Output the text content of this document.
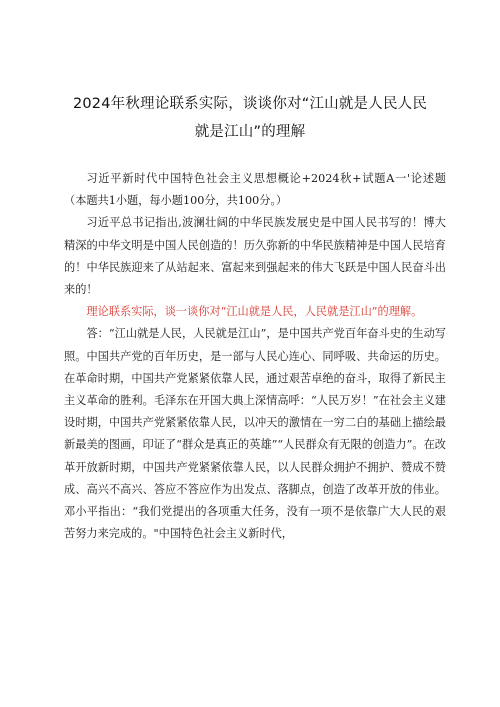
2024年秋理论联系实际，谈谈你对“江山就是人民人民
就是江山”的理解

习近平新时代中国特色社会主义思想概论+2024秋+试题A一'论述题（本题共1小题，每小题100分，共100分。）

习近平总书记指出,波澜壮阔的中华民族发展史是中国人民书写的！博大精深的中华文明是中国人民创造的！历久弥新的中华民族精神是中国人民培育的！中华民族迎来了从站起来、富起来到强起来的伟大飞跃是中国人民奋斗出来的！

理论联系实际，谈一谈你对“江山就是人民，人民就是江山”的理解。

答：“江山就是人民，人民就是江山”，是中国共产党百年奋斗史的生动写照。中国共产党的百年历史，是一部与人民心连心、同呼吸、共命运的历史。在革命时期，中国共产党紧紧依靠人民，通过艰苦卓绝的奋斗，取得了新民主主义革命的胜利。毛泽东在开国大典上深情高呼：“人民万岁！”在社会主义建设时期，中国共产党紧紧依靠人民，以冲天的激情在一穷二白的基础上描绘最新最美的图画，印证了“群众是真正的英雄”“人民群众有无限的创造力”。在改革开放新时期，中国共产党紧紧依靠人民，以人民群众拥护不拥护、赞成不赞成、高兴不高兴、答应不答应作为出发点、落脚点，创造了改革开放的伟业。邓小平指出：“我们党提出的各项重大任务，没有一项不是依靠广大人民的艰苦努力来完成的。"中国特色社会主义新时代，
